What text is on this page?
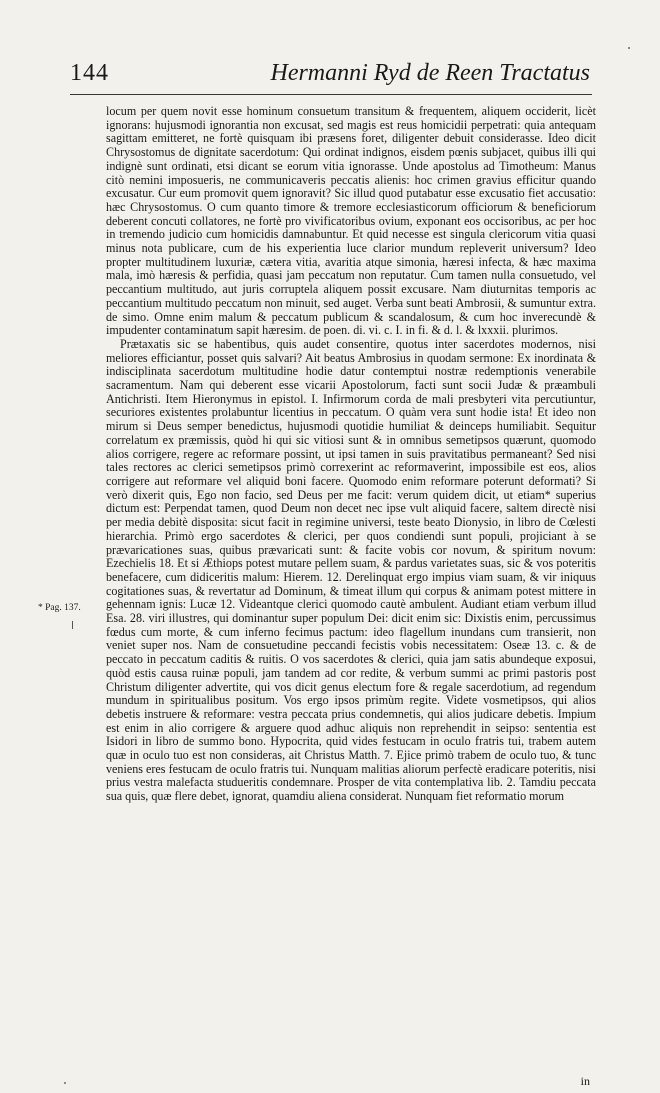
144	Hermanni Ryd de Reen Tractatus
* Pag. 137.

locum per quem novit esse hominum consuetum transitum & frequentem, aliquem occiderit, licèt ignorans: hujusmodi ignorantia non excusat, sed magis est reus homicidii perpetrati: quia antequam sagittam emitteret, ne fortè quisquam ibi præsens foret, diligenter debuit considerasse. Ideo dicit Chrysostomus de dignitate sacerdotum: Qui ordinat indignos, eisdem pœnis subjacet, quibus illi qui indignè sunt ordinati, etsi dicant se eorum vitia ignorasse. Unde apostolus ad Timotheum: Manus citò nemini imposueris, ne communicaveris peccatis alienis: hoc crimen gravius efficitur quando excusatur. Cur eum promovit quem ignoravit? Sic illud quod putabatur esse excusatio fiet accusatio: hæc Chrysostomus. O cum quanto timore & tremore ecclesiasticorum officiorum & beneficiorum deberent concuti collatores, ne fortè pro vivificatoribus ovium, exponant eos occisoribus, ac per hoc in tremendo judicio cum homicidis damnabuntur. Et quid necesse est singula clericorum vitia quasi minus nota publicare, cum de his experientia luce clarior mundum repleverit universum? Ideo propter multitudinem luxuriæ, cætera vitia, avaritia atque simonia, hæresi infecta, & hæc maxima mala, imò hæresis & perfidia, quasi jam peccatum non reputatur. Cum tamen nulla consuetudo, vel peccantium multitudo, aut juris corruptela aliquem possit excusare. Nam diuturnitas temporis ac peccantium multitudo peccatum non minuit, sed auget. Verba sunt beati Ambrosii, & sumuntur extra. de simo. Omne enim malum & peccatum publicum & scandalosum, & cum hoc inverecundè & impudenter contaminatum sapit hæresim. de poen. di. vi. c. I. in fi. & d. l. & lxxxii. plurimos.

Prætaxatis sic se habentibus, quis audet consentire, quotus inter sacerdotes modernos, nisi meliores efficiantur, posset quis salvari? Ait beatus Ambrosius in quodam sermone: Ex inordinata & indisciplinata sacerdotum multitudine hodie datur contemptui nostræ redemptionis venerabile sacramentum. Nam qui deberent esse vicarii Apostolorum, facti sunt socii Judæ & præambuli Antichristi. Item Hieronymus in epistol. I. Infirmorum corda de mali presbyteri vita percutiuntur, securiores existentes prolabuntur licentius in peccatum. O quàm vera sunt hodie ista! Et ideo non mirum si Deus semper benedictus, hujusmodi quotidie humiliat & deinceps humiliabit. Sequitur correlatum ex præmissis, quòd hi qui sic vitiosi sunt & in omnibus semetipsos quærunt, quomodo alios corrigere, regere ac reformare possint, ut ipsi tamen in suis pravitatibus permaneant? Sed nisi tales rectores ac clerici semetipsos primò correxerint ac reformaverint, impossibile est eos, alios corrigere aut reformare vel aliquid boni facere. Quomodo enim reformare poterunt deformati? Si verò dixerit quis, Ego non facio, sed Deus per me facit: verum quidem dicit, ut etiam* superius dictum est: Perpendat tamen, quod Deum non decet nec ipse vult aliquid facere, saltem directè nisi per media debitè disposita: sicut facit in regimine universi, teste beato Dionysio, in libro de Cœlesti hierarchia. Primò ergo sacerdotes & clerici, per quos condiendi sunt populi, projiciant à se prævaricationes suas, quibus prævaricati sunt: & facite vobis cor novum, & spiritum novum: Ezechielis 18. Et si Æthiops potest mutare pellem suam, & pardus varietates suas, sic & vos poteritis benefacere, cum didiceritis malum: Hierem. 12. Derelinquat ergo impius viam suam, & vir iniquus cogitationes suas, & revertatur ad Dominum, & timeat illum qui corpus & animam potest mittere in gehennam ignis: Lucæ 12. Videantque clerici quomodo cautè ambulent. Audiant etiam verbum illud Esa. 28. viri illustres, qui dominantur super populum Dei: dicit enim sic: Dixistis enim, percussimus fœdus cum morte, & cum inferno fecimus pactum: ideo flagellum inundans cum transierit, non veniet super nos. Nam de consuetudine peccandi fecistis vobis necessitatem: Oseæ 13. c. & de peccato in peccatum caditis & ruitis. O vos sacerdotes & clerici, quia jam satis abundeque exposui, quòd estis causa ruinæ populi, jam tandem ad cor redite, & verbum summi ac primi pastoris post Christum diligenter advertite, qui vos dicit genus electum fore & regale sacerdotium, ad regendum mundum in spiritualibus positum. Vos ergo ipsos primùm regite. Videte vosmetipsos, qui alios debetis instruere & reformare: vestra peccata prius condemnetis, qui alios judicare debetis. Impium est enim in alio corrigere & arguere quod adhuc aliquis non reprehendit in seipso: sententia est Isidori in libro de summo bono. Hypocrita, quid vides festucam in oculo fratris tui, trabem autem quæ in oculo tuo est non consideras, ait Christus Matth. 7. Ejice primò trabem de oculo tuo, & tunc veniens eres festucam de oculo fratris tui. Nunquam malitias aliorum perfectè eradicare poteritis, nisi prius vestra malefacta studueritis condemnare. Prosper de vita contemplativa lib. 2. Tamdiu peccata sua quis, quæ flere debet, ignorat, quamdiu aliena considerat. Nunquam fiet reformatio morum

in
